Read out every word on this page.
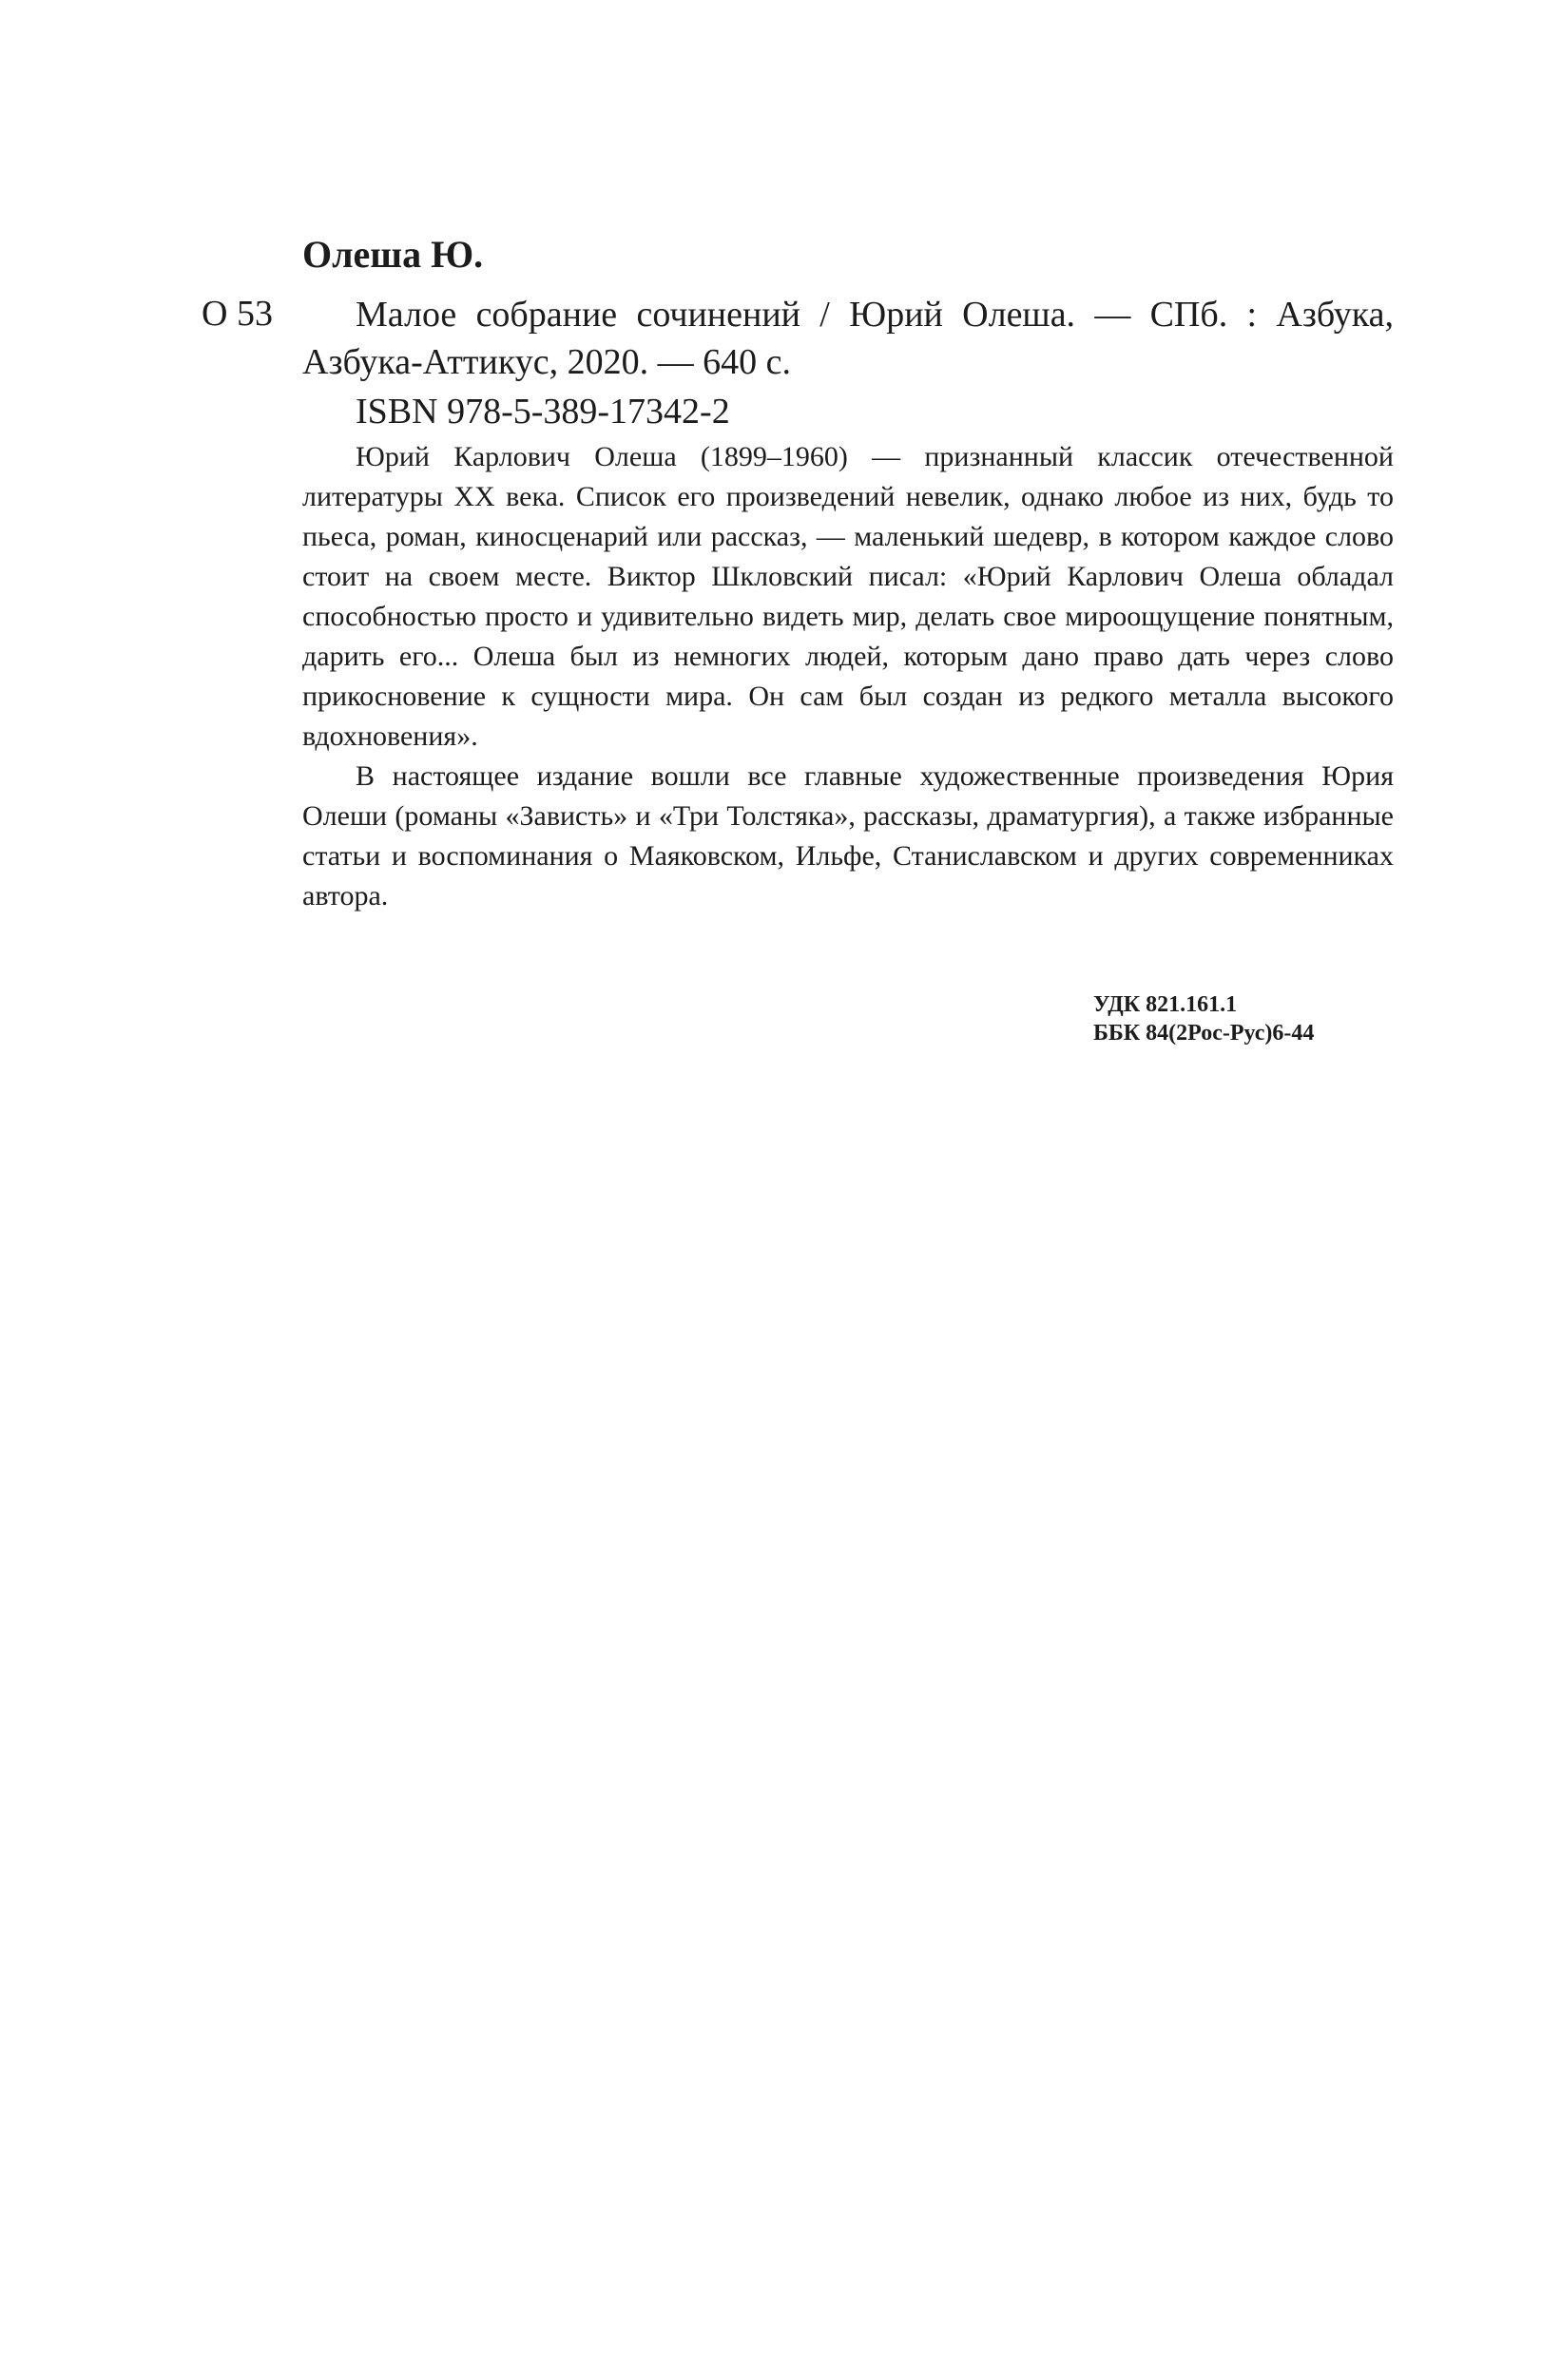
Олеша Ю.
О 53	Малое собрание сочинений / Юрий Олеша. — СПб. : Азбука, Азбука-Аттикус, 2020. — 640 с.

ISBN 978-5-389-17342-2

Юрий Карлович Олеша (1899–1960) — признанный классик отечественной литературы XX века. Список его произведений невелик, однако любое из них, будь то пьеса, роман, киносценарий или рассказ, — маленький шедевр, в котором каждое слово стоит на своем месте. Виктор Шкловский писал: «Юрий Карлович Олеша обладал способностью просто и удивительно видеть мир, делать свое мироощущение понятным, дарить его... Олеша был из немногих людей, которым дано право дать через слово прикосновение к сущности мира. Он сам был создан из редкого металла высокого вдохновения».

В настоящее издание вошли все главные художественные произведения Юрия Олеши (романы «Зависть» и «Три Толстяка», рассказы, драматургия), а также избранные статьи и воспоминания о Маяковском, Ильфе, Станиславском и других современниках автора.

УДК 821.161.1
ББК 84(2Рос-Рус)6-44
